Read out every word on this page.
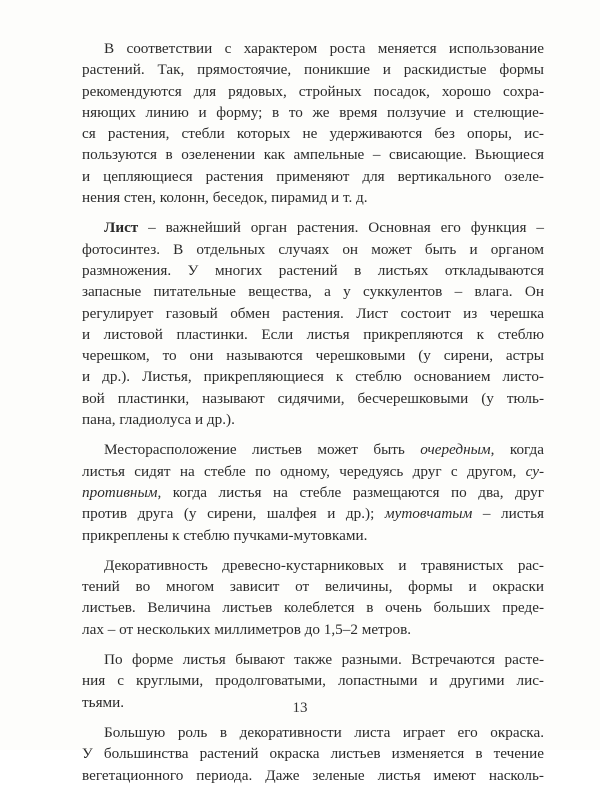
В соответствии с характером роста меняется использование
растений. Так, прямостоячие, поникшие и раскидистые формы
рекомендуются для рядовых, стройных посадок, хорошо сохра-
няющих линию и форму; в то же время ползучие и стелющие-
ся растения, стебли которых не удерживаются без опоры, ис-
пользуются в озеленении как ампельные – свисающие. Вьющиеся
и цепляющиеся растения применяют для вертикального озеле-
нения стен, колонн, беседок, пирамид и т. д.

Лист – важнейший орган растения. Основная его функция –
фотосинтез. В отдельных случаях он может быть и органом
размножения. У многих растений в листьях откладываются
запасные питательные вещества, а у суккулентов – влага. Он
регулирует газовый обмен растения. Лист состоит из черешка
и листовой пластинки. Если листья прикрепляются к стеблю
черешком, то они называются черешковыми (у сирени, астры
и др.). Листья, прикрепляющиеся к стеблю основанием листо-
вой пластинки, называют сидячими, бесчерешковыми (у тюль-
пана, гладиолуса и др.).

Месторасположение листьев может быть очередным, когда
листья сидят на стебле по одному, чередуясь друг с другом, су-
противным, когда листья на стебле размещаются по два, друг
против друга (у сирени, шалфея и др.); мутовчатым – листья
прикреплены к стеблю пучками-мутовками.

Декоративность древесно-кустарниковых и травянистых рас-
тений во многом зависит от величины, формы и окраски
листьев. Величина листьев колеблется в очень больших преде-
лах – от нескольких миллиметров до 1,5–2 метров.

По форме листья бывают также разными. Встречаются расте-
ния с круглыми, продолговатыми, лопастными и другими лис-
тьями.

Большую роль в декоративности листа играет его окраска.
У большинства растений окраска листьев изменяется в течение
вегетационного периода. Даже зеленые листья имеют насколь-

13
